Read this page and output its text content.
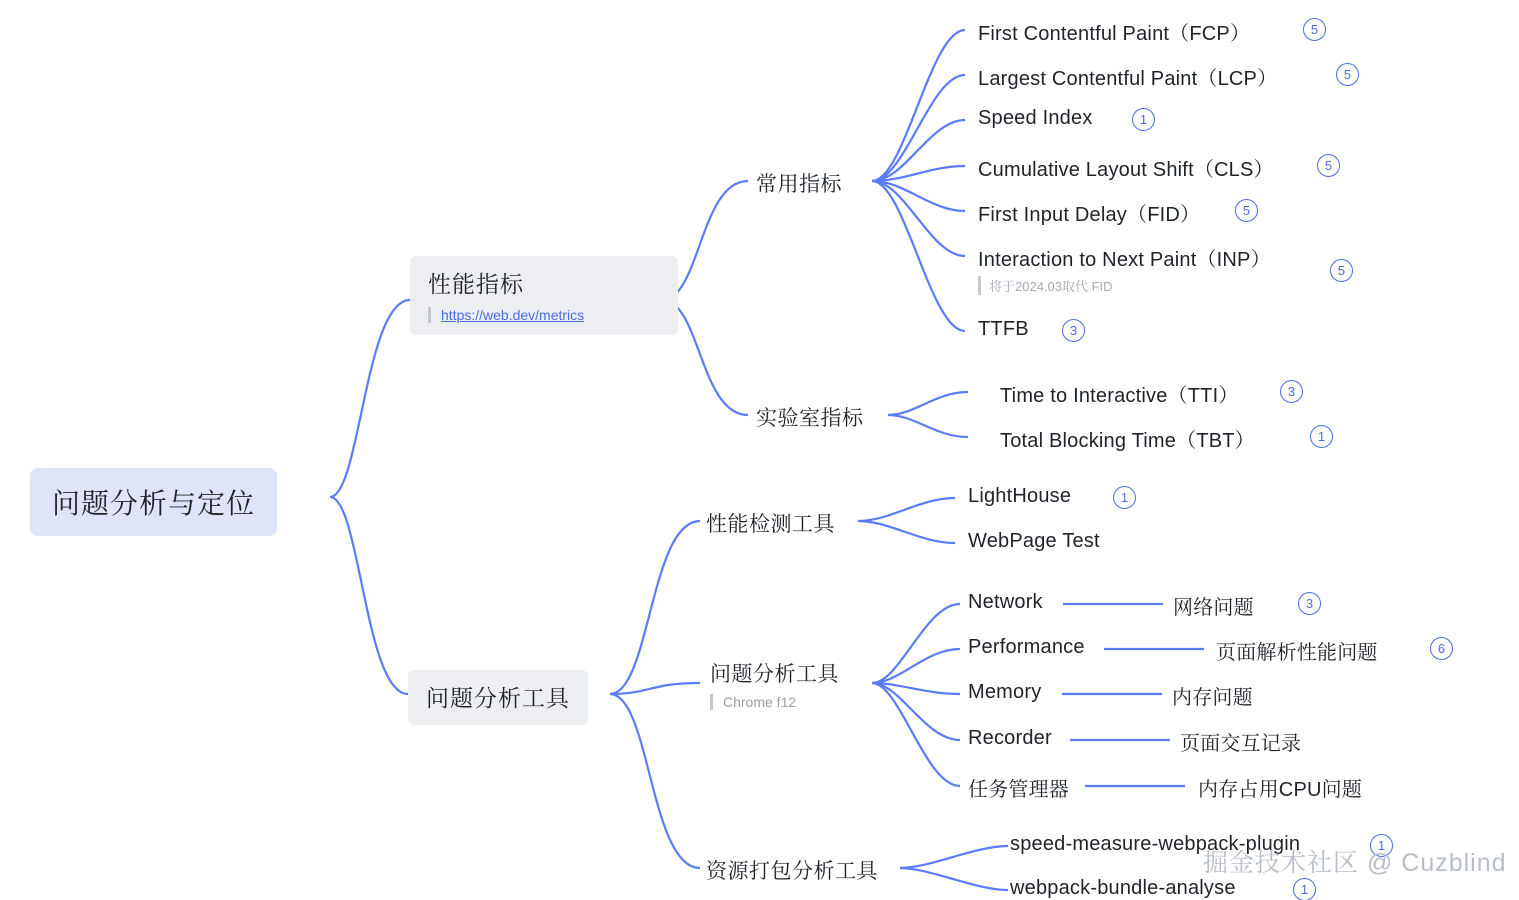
问题分析与定位
性能指标
https://web.dev/metrics
问题分析工具
常用指标
实验室指标
性能检测工具
问题分析工具
Chrome f12
资源打包分析工具
First Contentful Paint（FCP）	5
Largest Contentful Paint（LCP）	5
Speed Index	1
Cumulative Layout Shift（CLS）	5
First Input Delay（FID）	5
Interaction to Next Paint（INP）
将于2024.03取代 FID
5
TTFB	3
Time to Interactive（TTI）	3
Total Blocking Time（TBT）	1
LightHouse	1
WebPage Test
Network	网络问题	3
Performance	页面解析性能问题	6
Memory	内存问题
Recorder	页面交互记录
任务管理器	内存占用CPU问题
speed-measure-webpack-plugin	1
webpack-bundle-analyse	1
掘金技术社区 @ Cuzblind
